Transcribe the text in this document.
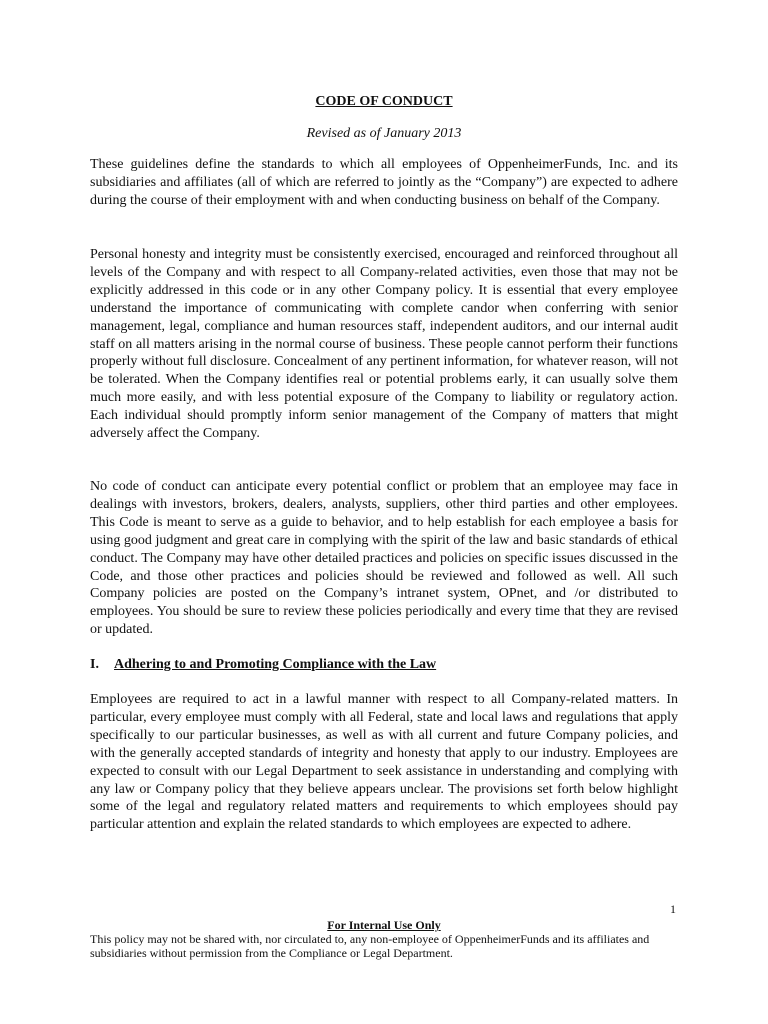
CODE OF CONDUCT
Revised as of January 2013

These guidelines define the standards to which all employees of OppenheimerFunds, Inc. and its subsidiaries and affiliates (all of which are referred to jointly as the “Company”) are expected to adhere during the course of their employment with and when conducting business on behalf of the Company.

Personal honesty and integrity must be consistently exercised, encouraged and reinforced throughout all levels of the Company and with respect to all Company-related activities, even those that may not be explicitly addressed in this code or in any other Company policy. It is essential that every employee understand the importance of communicating with complete candor when conferring with senior management, legal, compliance and human resources staff, independent auditors, and our internal audit staff on all matters arising in the normal course of business. These people cannot perform their functions properly without full disclosure. Concealment of any pertinent information, for whatever reason, will not be tolerated. When the Company identifies real or potential problems early, it can usually solve them much more easily, and with less potential exposure of the Company to liability or regulatory action. Each individual should promptly inform senior management of the Company of matters that might adversely affect the Company.

No code of conduct can anticipate every potential conflict or problem that an employee may face in dealings with investors, brokers, dealers, analysts, suppliers, other third parties and other employees. This Code is meant to serve as a guide to behavior, and to help establish for each employee a basis for using good judgment and great care in complying with the spirit of the law and basic standards of ethical conduct. The Company may have other detailed practices and policies on specific issues discussed in the Code, and those other practices and policies should be reviewed and followed as well. All such Company policies are posted on the Company’s intranet system, OPnet, and /or distributed to employees. You should be sure to review these policies periodically and every time that they are revised or updated.

I. Adhering to and Promoting Compliance with the Law

Employees are required to act in a lawful manner with respect to all Company-related matters. In particular, every employee must comply with all Federal, state and local laws and regulations that apply specifically to our particular businesses, as well as with all current and future Company policies, and with the generally accepted standards of integrity and honesty that apply to our industry. Employees are expected to consult with our Legal Department to seek assistance in understanding and complying with any law or Company policy that they believe appears unclear. The provisions set forth below highlight some of the legal and regulatory related matters and requirements to which employees should pay particular attention and explain the related standards to which employees are expected to adhere.

1
For Internal Use Only

This policy may not be shared with, nor circulated to, any non-employee of OppenheimerFunds and its affiliates and subsidiaries without permission from the Compliance or Legal Department.
